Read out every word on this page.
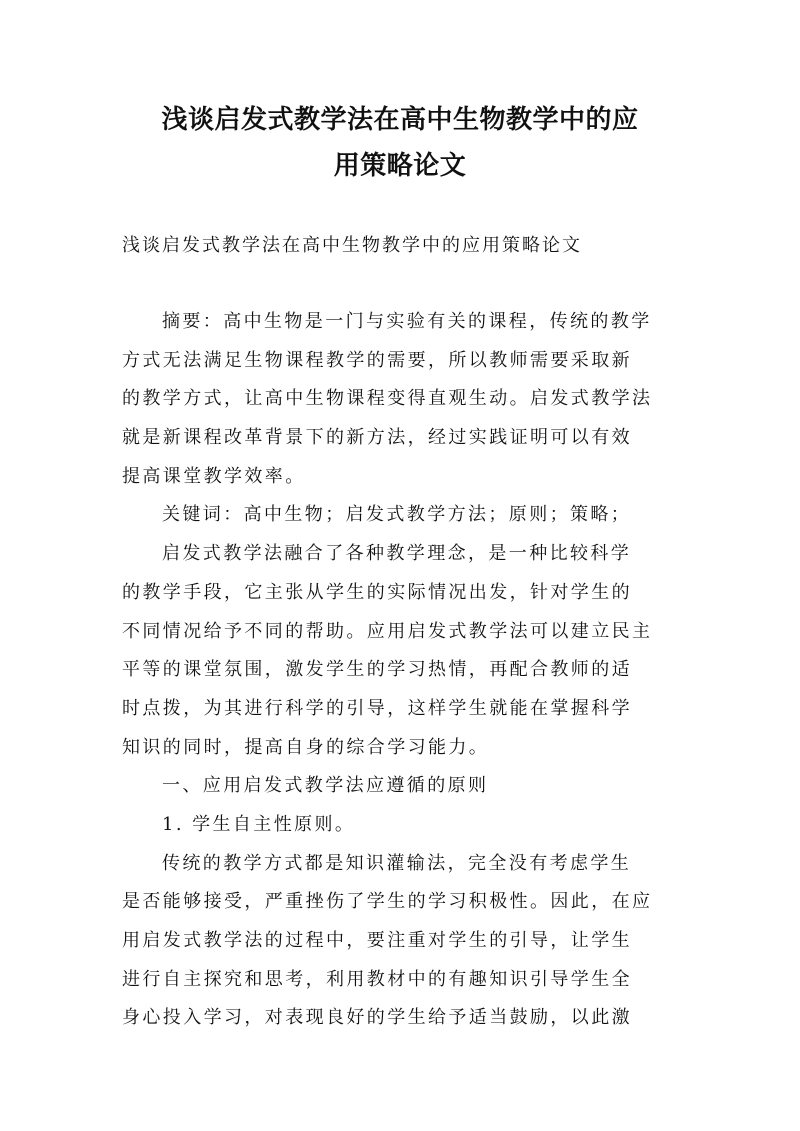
浅谈启发式教学法在高中生物教学中的应
用策略论文
浅谈启发式教学法在高中生物教学中的应用策略论文
摘要：高中生物是一门与实验有关的课程，传统的教学
方式无法满足生物课程教学的需要，所以教师需要采取新
的教学方式，让高中生物课程变得直观生动。启发式教学法
就是新课程改革背景下的新方法，经过实践证明可以有效
提高课堂教学效率。
关键词：高中生物；启发式教学方法；原则；策略；
启发式教学法融合了各种教学理念，是一种比较科学
的教学手段，它主张从学生的实际情况出发，针对学生的
不同情况给予不同的帮助。应用启发式教学法可以建立民主
平等的课堂氛围，激发学生的学习热情，再配合教师的适
时点拨，为其进行科学的引导，这样学生就能在掌握科学
知识的同时，提高自身的综合学习能力。
一、应用启发式教学法应遵循的原则
1. 学生自主性原则。
传统的教学方式都是知识灌输法，完全没有考虑学生
是否能够接受，严重挫伤了学生的学习积极性。因此，在应
用启发式教学法的过程中，要注重对学生的引导，让学生
进行自主探究和思考，利用教材中的有趣知识引导学生全
身心投入学习，对表现良好的学生给予适当鼓励，以此激
